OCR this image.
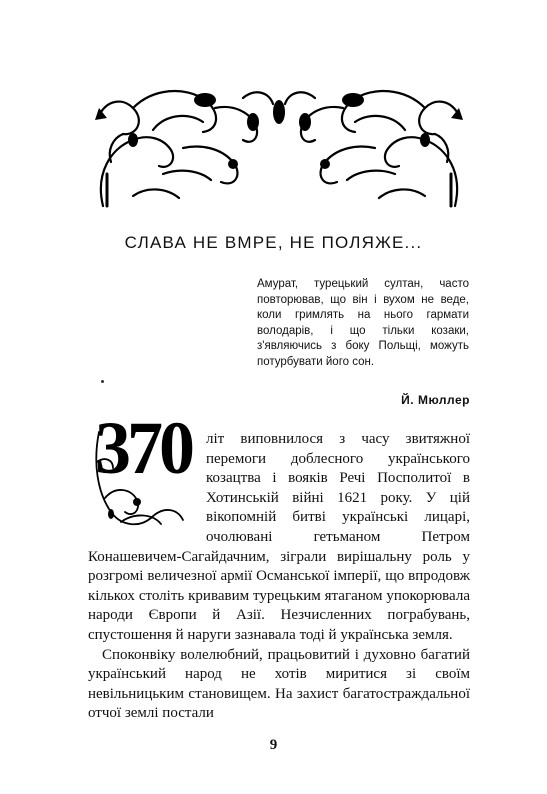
СЛАВА НЕ ВМРЕ, НЕ ПОЛЯЖЕ...
Амурат, турецький султан, часто повторював, що він і вухом не веде, коли гримлять на нього гармати володарів, і що тільки козаки, з'являючись з боку Польщі, можуть потурбувати його сон.
Й. Мюллер
370	літ виповнилося з часу звитяжної перемоги доблесного українського козацтва і вояків Речі Посполитої в Хотинській війні 1621 року. У цій вікопомній битві українські лицарі, очолювані гетьманом Петром Конашевичем-Сагайдачним, зіграли вирішальну роль у розгромі величезної армії Османської імперії, що впродовж кількох століть кривавим турецьким ятаганом упокорювала народи Європи й Азії. Незчисленних пограбувань, спустошення й наруги зазнавала тоді й українська земля.

Споконвіку волелюбний, працьовитий і духовно багатий український народ не хотів миритися зі своїм невільницьким становищем. На захист багатостраждальної отчої землі постали

9
